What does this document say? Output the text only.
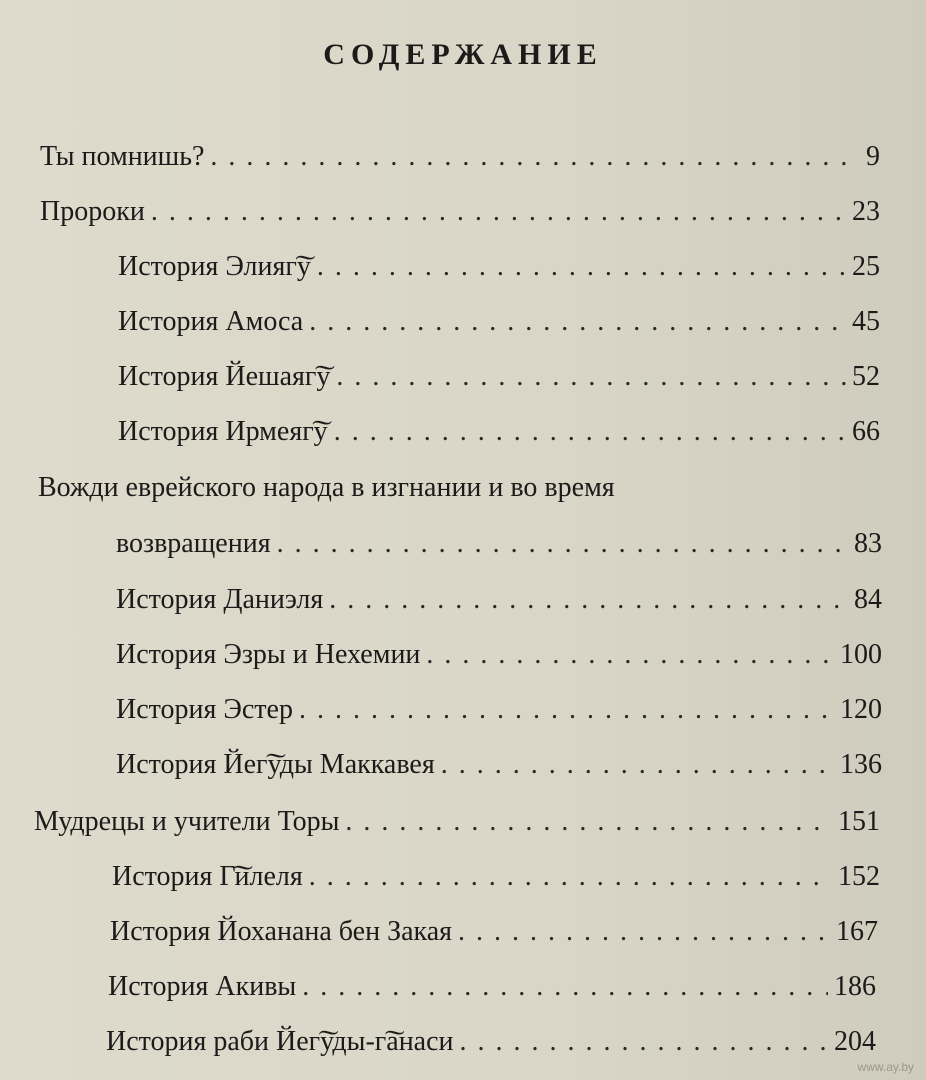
СОДЕРЖАНИЕ
Ты помнишь? . . .	9
Пророки . . .	23
История Элияг͠у . . .	25
История Амоса . . .	45
История Йешаяг͠у . . .	52
История Ирмеяг͠у . . .	66
Вожди еврейского народа в изгнании и во время
возвращения . . .	83
История Даниэля . . .	84
История Эзры и Нехемии . . .	100
История Эстер . . .	120
История Йег͠уды Маккавея . . .	136
Мудрецы и учители Торы . . .	151
История Г͠илеля . . .	152
История Йоханана бен Закая . . .	167
История Акивы . . .	186
История раби Йег͠уды-г͠анаси . . .	204
www.ay.by
